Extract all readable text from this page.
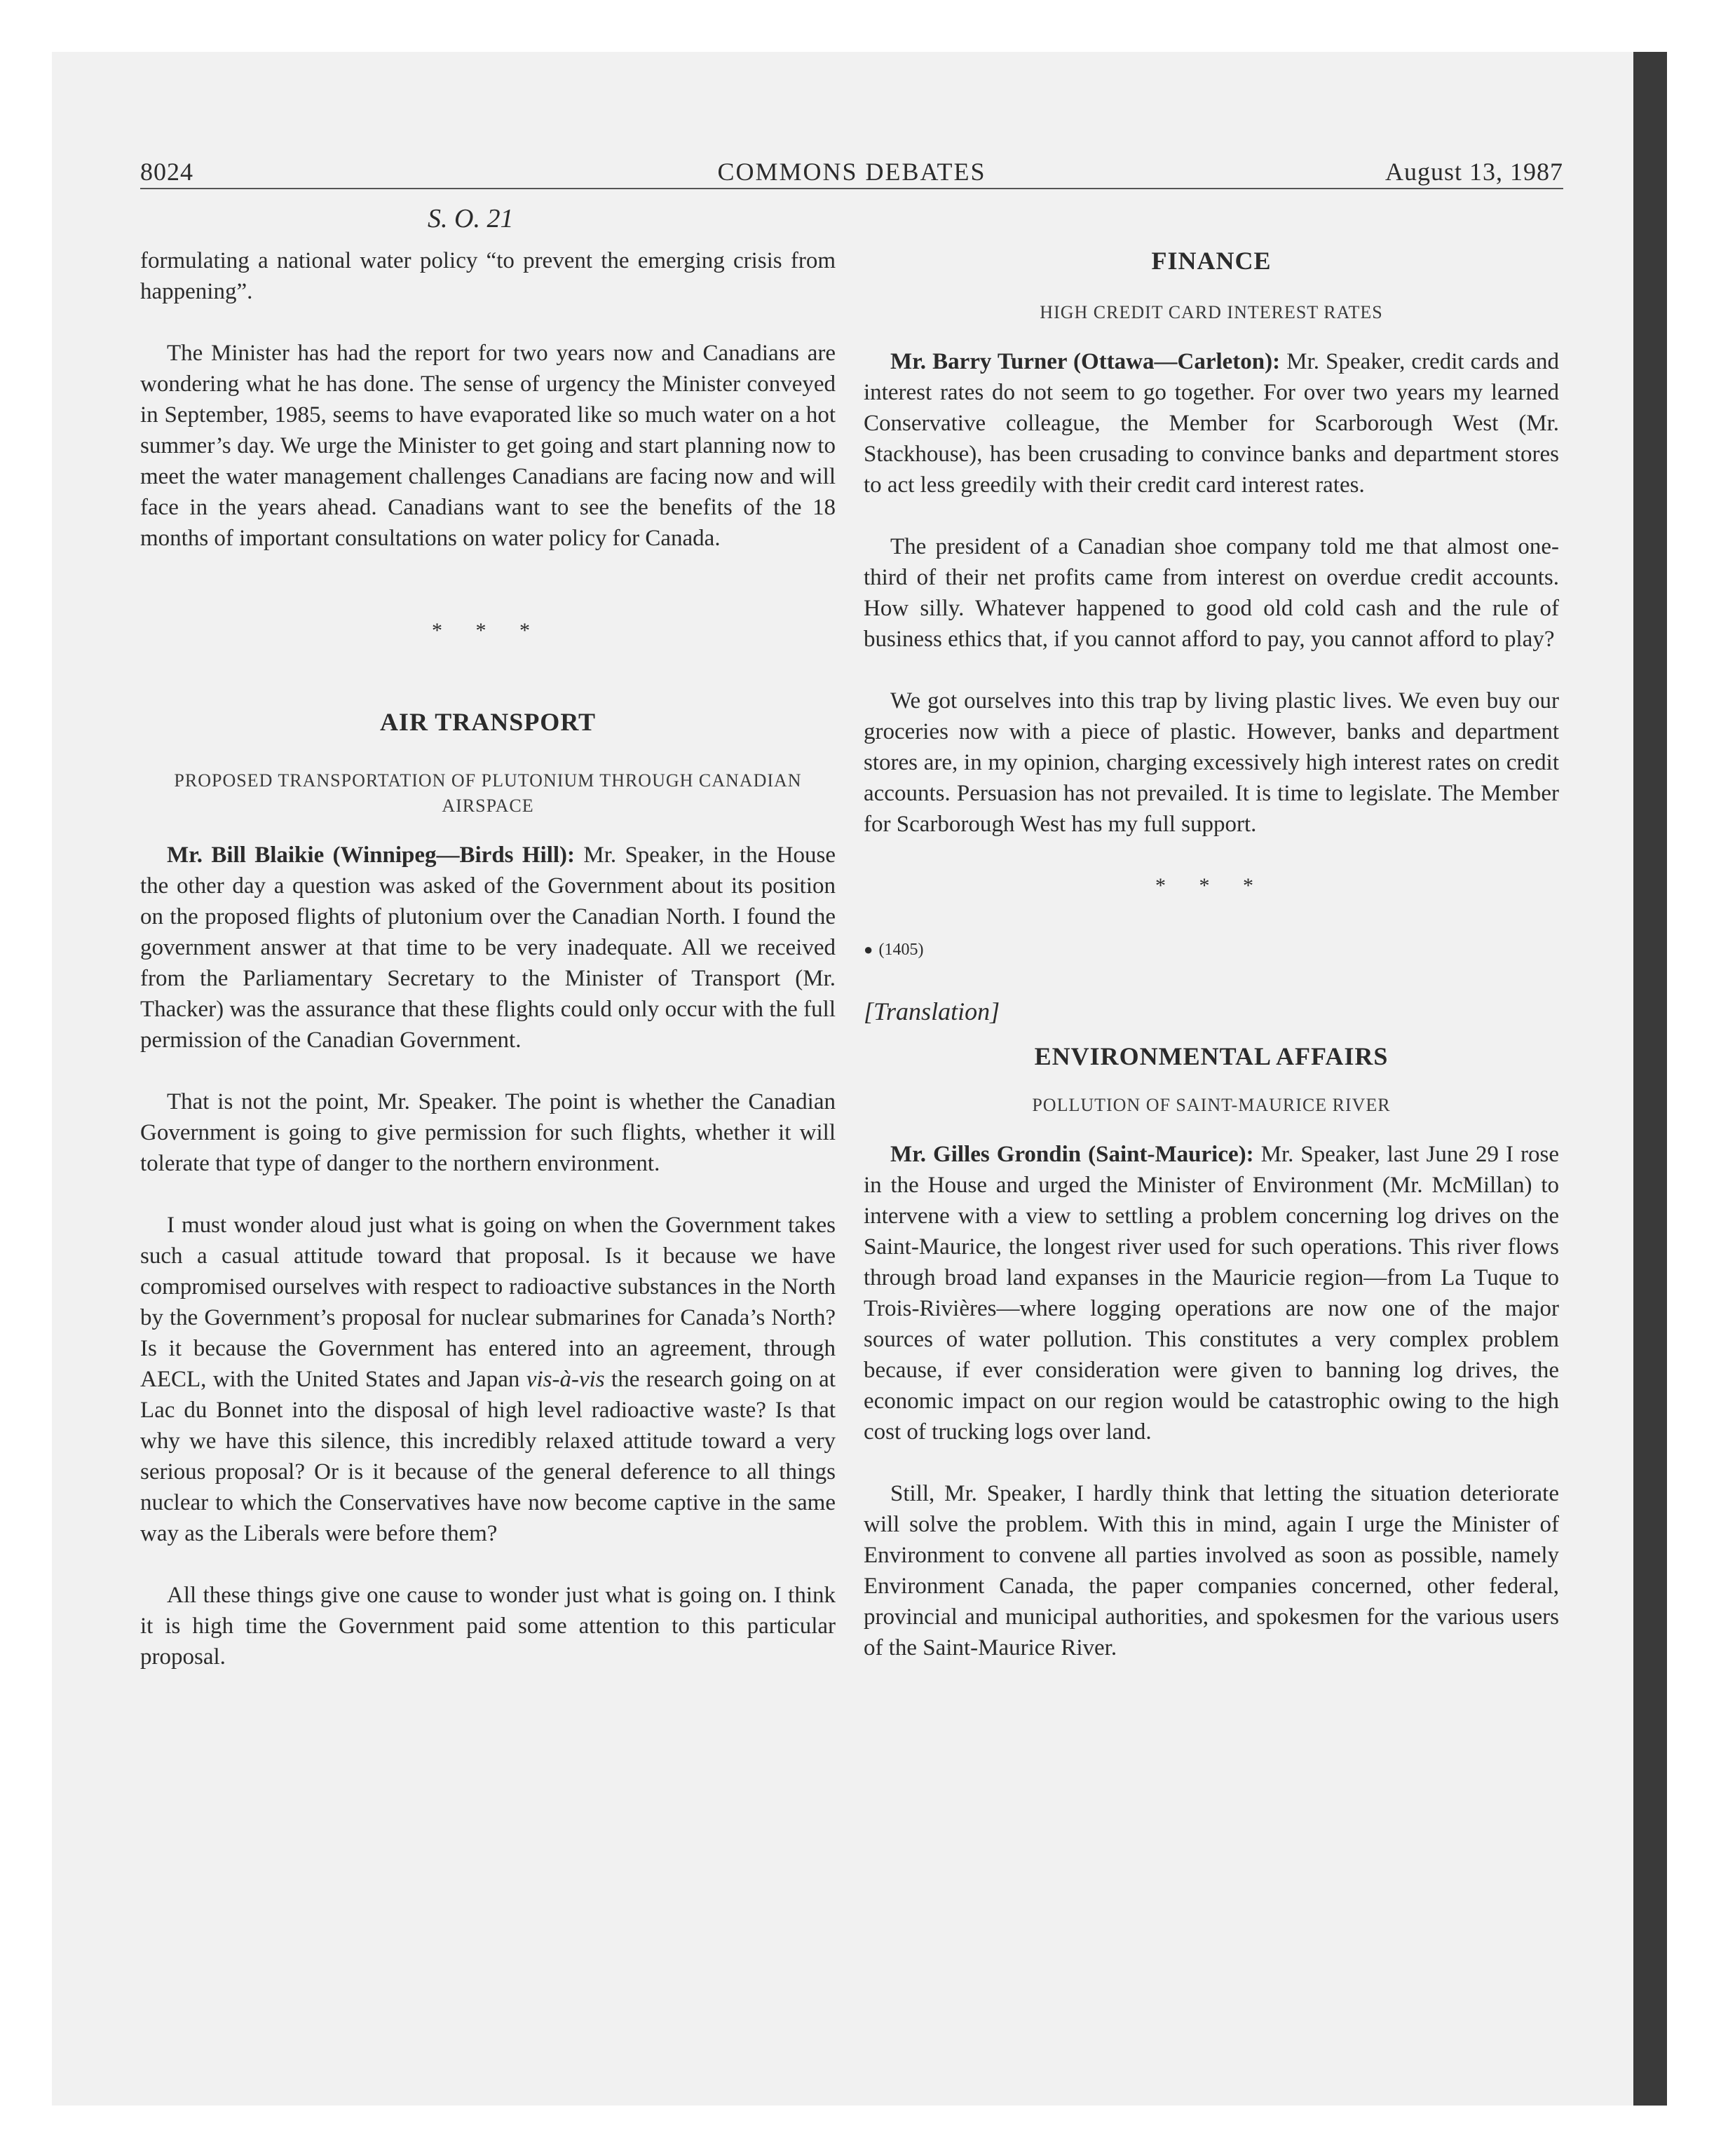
8024	COMMONS DEBATES	August 13, 1987
S. O. 21

formulating a national water policy “to prevent the emerging crisis from happening”.

The Minister has had the report for two years now and Canadians are wondering what he has done. The sense of urgency the Minister conveyed in September, 1985, seems to have evaporated like so much water on a hot summer’s day. We urge the Minister to get going and start planning now to meet the water management challenges Canadians are facing now and will face in the years ahead. Canadians want to see the benefits of the 18 months of important consultations on water policy for Canada.

* * *

AIR TRANSPORT

PROPOSED TRANSPORTATION OF PLUTONIUM THROUGH CANADIAN AIRSPACE

Mr. Bill Blaikie (Winnipeg—Birds Hill): Mr. Speaker, in the House the other day a question was asked of the Government about its position on the proposed flights of plutonium over the Canadian North. I found the government answer at that time to be very inadequate. All we received from the Parliamentary Secretary to the Minister of Transport (Mr. Thacker) was the assurance that these flights could only occur with the full permission of the Canadian Government.

That is not the point, Mr. Speaker. The point is whether the Canadian Government is going to give permission for such flights, whether it will tolerate that type of danger to the northern environment.

I must wonder aloud just what is going on when the Government takes such a casual attitude toward that proposal. Is it because we have compromised ourselves with respect to radioactive substances in the North by the Government’s proposal for nuclear submarines for Canada’s North? Is it because the Government has entered into an agreement, through AECL, with the United States and Japan vis-à-vis the research going on at Lac du Bonnet into the disposal of high level radioactive waste? Is that why we have this silence, this incredibly relaxed attitude toward a very serious proposal? Or is it because of the general deference to all things nuclear to which the Conservatives have now become captive in the same way as the Liberals were before them?

All these things give one cause to wonder just what is going on. I think it is high time the Government paid some attention to this particular proposal.

FINANCE

HIGH CREDIT CARD INTEREST RATES

Mr. Barry Turner (Ottawa—Carleton): Mr. Speaker, credit cards and interest rates do not seem to go together. For over two years my learned Conservative colleague, the Member for Scarborough West (Mr. Stackhouse), has been crusading to convince banks and department stores to act less greedily with their credit card interest rates.

The president of a Canadian shoe company told me that almost one-third of their net profits came from interest on overdue credit accounts. How silly. Whatever happened to good old cold cash and the rule of business ethics that, if you cannot afford to pay, you cannot afford to play?

We got ourselves into this trap by living plastic lives. We even buy our groceries now with a piece of plastic. However, banks and department stores are, in my opinion, charging excessively high interest rates on credit accounts. Persuasion has not prevailed. It is time to legislate. The Member for Scarborough West has my full support.

* * *

● (1405)

[Translation]

ENVIRONMENTAL AFFAIRS

POLLUTION OF SAINT-MAURICE RIVER

Mr. Gilles Grondin (Saint-Maurice): Mr. Speaker, last June 29 I rose in the House and urged the Minister of Environment (Mr. McMillan) to intervene with a view to settling a problem concerning log drives on the Saint-Maurice, the longest river used for such operations. This river flows through broad land expanses in the Mauricie region—from La Tuque to Trois-Rivières—where logging operations are now one of the major sources of water pollution. This constitutes a very complex problem because, if ever consideration were given to banning log drives, the economic impact on our region would be catastrophic owing to the high cost of trucking logs over land.

Still, Mr. Speaker, I hardly think that letting the situation deteriorate will solve the problem. With this in mind, again I urge the Minister of Environment to convene all parties involved as soon as possible, namely Environment Canada, the paper companies concerned, other federal, provincial and municipal authorities, and spokesmen for the various users of the Saint-Maurice River.
